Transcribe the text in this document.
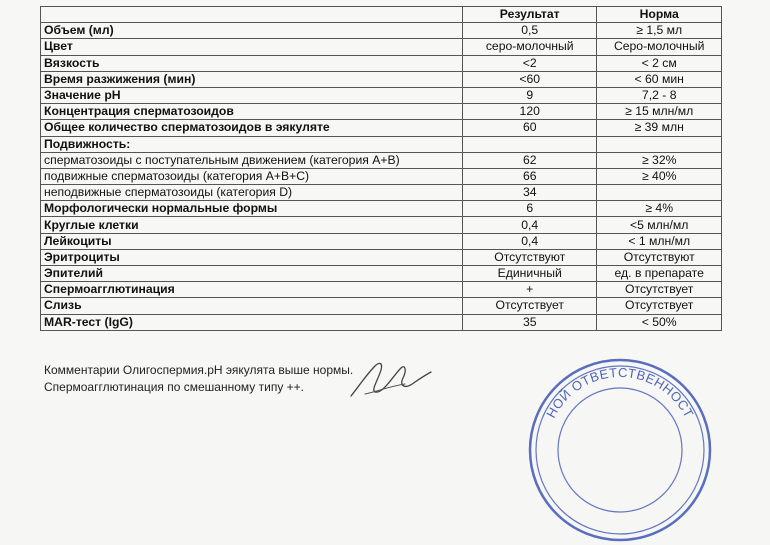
	Результат	Норма
Объем (мл)	0,5	≥ 1,5 мл
Цвет	серо-молочный	Серо-молочный
Вязкость	<2	< 2 см
Время разжижения (мин)	<60	< 60 мин
Значение pH	9	7,2 - 8
Концентрация сперматозоидов	120	≥ 15 млн/мл
Общее количество сперматозоидов в эякуляте	60	≥ 39 млн
Подвижность:		
сперматозоиды с поступательным движением (категория А+В)	62	≥ 32%
подвижные сперматозоиды (категория А+В+С)	66	≥ 40%
неподвижные сперматозоиды (категория D)	34	
Морфологически нормальные формы	6	≥ 4%
Круглые клетки	0,4	<5 млн/мл
Лейкоциты	0,4	< 1 млн/мл
Эритроциты	Отсутствуют	Отсутствуют
Эпителий	Единичный	ед. в препарате
Спермоагглютинация	+	Отсутствует
Слизь	Отсутствует	Отсутствует
MAR-тест (IgG)	35	< 50%
Комментарии Олигоспермия.pH эякулята выше нормы.
Спермоагглютинация по смешанному типу ++.
НОЙ ОТВЕТСТВЕННОСТ
